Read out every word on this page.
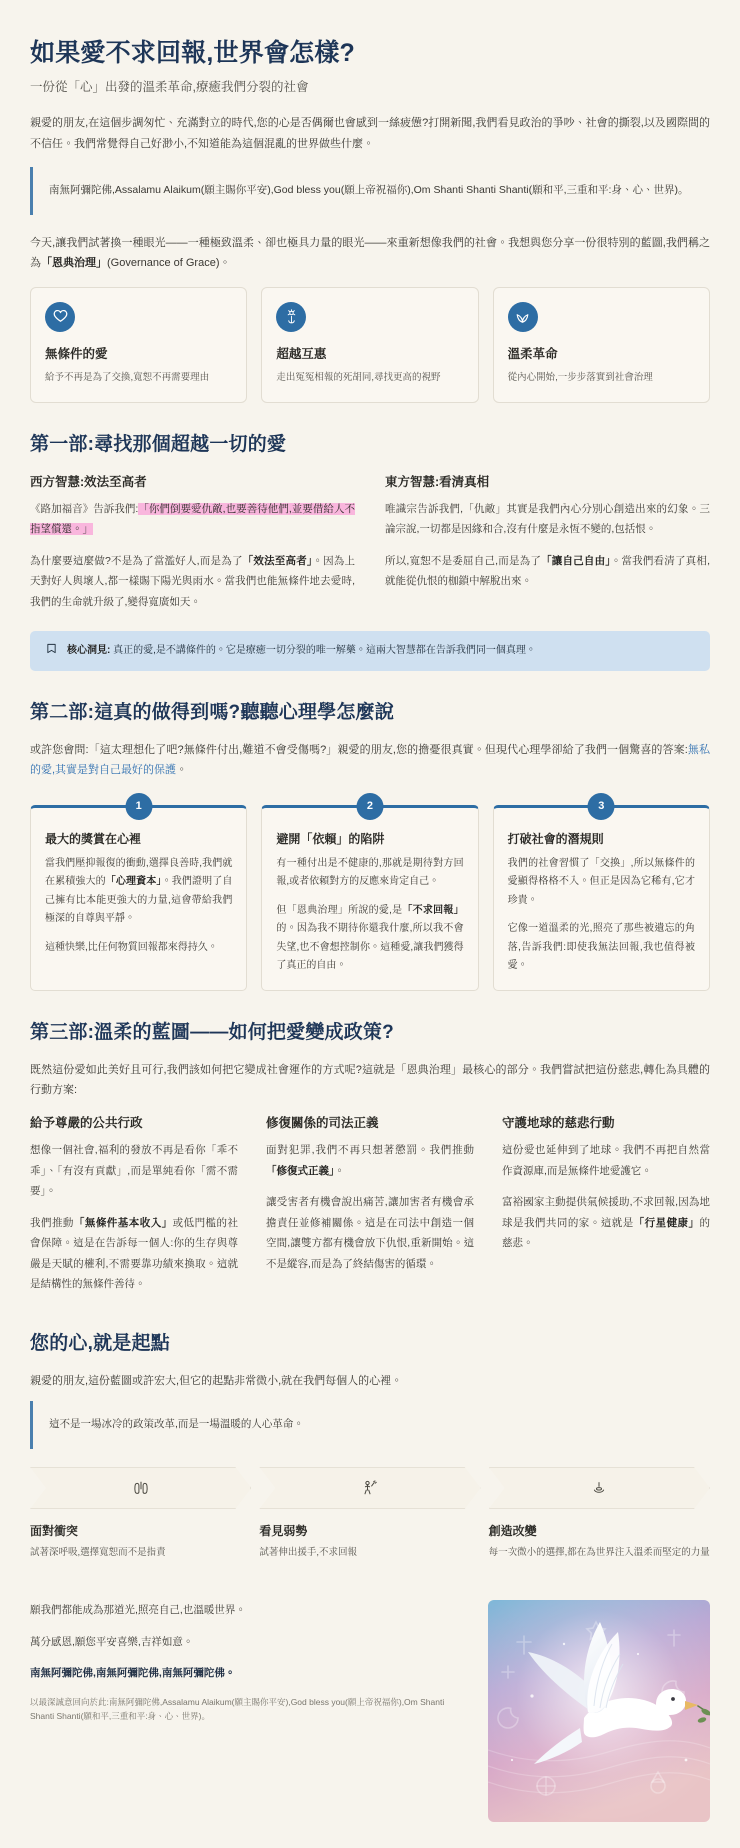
如果愛不求回報,世界會怎樣?
一份從「心」出發的溫柔革命,療癒我們分裂的社會

親愛的朋友,在這個步調匆忙、充滿對立的時代,您的心是否偶爾也會感到一絲疲憊?打開新聞,我們看見政治的爭吵、社會的撕裂,以及國際間的不信任。我們常覺得自己好渺小,不知道能為這個混亂的世界做些什麼。

南無阿彌陀佛,Assalamu Alaikum(願主賜你平安),God bless you(願上帝祝福你),Om Shanti Shanti Shanti(願和平,三重和平:身、心、世界)。

今天,讓我們試著換一種眼光——一種極致溫柔、卻也極具力量的眼光——來重新想像我們的社會。我想與您分享一份很特別的藍圖,我們稱之為「恩典治理」(Governance of Grace)。

無條件的愛
給予不再是為了交換,寬恕不再需要理由
超越互惠
走出冤冤相報的死胡同,尋找更高的視野
溫柔革命
從內心開始,一步步落實到社會治理
第一部:尋找那個超越一切的愛
西方智慧:效法至高者

《路加福音》告訴我們:「你們倒要愛仇敵,也要善待他們,並要借給人不指望償還。」

為什麼要這麼做?不是為了當濫好人,而是為了「效法至高者」。因為上天對好人與壞人,都一樣賜下陽光與雨水。當我們也能無條件地去愛時,我們的生命就升級了,變得寬廣如天。

東方智慧:看清真相

唯識宗告訴我們,「仇敵」其實是我們內心分別心創造出來的幻象。三論宗說,一切都是因緣和合,沒有什麼是永恆不變的,包括恨。

所以,寬恕不是委屈自己,而是為了「讓自己自由」。當我們看清了真相,就能從仇恨的枷鎖中解脫出來。

核心洞見: 真正的愛,是不講條件的。它是療癒一切分裂的唯一解藥。這兩大智慧都在告訴我們同一個真理。
第二部:這真的做得到嗎?聽聽心理學怎麼說

或許您會問:「這太理想化了吧?無條件付出,難道不會受傷嗎?」親愛的朋友,您的擔憂很真實。但現代心理學卻給了我們一個驚喜的答案:無私的愛,其實是對自己最好的保護。

1
最大的獎賞在心裡

當我們壓抑報復的衝動,選擇良善時,我們就在累積強大的「心理資本」。我們證明了自己擁有比本能更強大的力量,這會帶給我們極深的自尊與平靜。

這種快樂,比任何物質回報都來得持久。

2
避開「依賴」的陷阱

有一種付出是不健康的,那就是期待對方回報,或者依賴對方的反應來肯定自己。

但「恩典治理」所說的愛,是「不求回報」的。因為我不期待你還我什麼,所以我不會失望,也不會想控制你。這種愛,讓我們獲得了真正的自由。

3
打破社會的潛規則

我們的社會習慣了「交換」,所以無條件的愛顯得格格不入。但正是因為它稀有,它才珍貴。

它像一道溫柔的光,照亮了那些被遺忘的角落,告訴我們:即使我無法回報,我也值得被愛。

第三部:溫柔的藍圖——如何把愛變成政策?

既然這份愛如此美好且可行,我們該如何把它變成社會運作的方式呢?這就是「恩典治理」最核心的部分。我們嘗試把這份慈悲,轉化為具體的行動方案:

給予尊嚴的公共行政

想像一個社會,福利的發放不再是看你「乖不乖」、「有沒有貢獻」,而是單純看你「需不需要」。

我們推動「無條件基本收入」或低門檻的社會保障。這是在告訴每一個人:你的生存與尊嚴是天賦的權利,不需要靠功績來換取。這就是結構性的無條件善待。

修復關係的司法正義

面對犯罪,我們不再只想著懲罰。我們推動「修復式正義」。

讓受害者有機會說出痛苦,讓加害者有機會承擔責任並修補關係。這是在司法中創造一個空間,讓雙方都有機會放下仇恨,重新開始。這不是縱容,而是為了終結傷害的循環。

守護地球的慈悲行動

這份愛也延伸到了地球。我們不再把自然當作資源庫,而是無條件地愛護它。

富裕國家主動提供氣候援助,不求回報,因為地球是我們共同的家。這就是「行星健康」的慈悲。

您的心,就是起點

親愛的朋友,這份藍圖或許宏大,但它的起點非常微小,就在我們每個人的心裡。

這不是一場冰冷的政策改革,而是一場溫暖的人心革命。
面對衝突
試著深呼吸,選擇寬恕而不是指責
看見弱勢
試著伸出援手,不求回報
創造改變
每一次微小的選擇,都在為世界注入溫柔而堅定的力量

願我們都能成為那道光,照亮自己,也溫暖世界。

萬分感恩,願您平安喜樂,吉祥如意。

南無阿彌陀佛,南無阿彌陀佛,南無阿彌陀佛。

以最深誠意回向於此:南無阿彌陀佛,Assalamu Alaikum(願主賜你平安),God bless you(願上帝祝福你),Om Shanti Shanti Shanti(願和平,三重和平:身、心、世界)。
